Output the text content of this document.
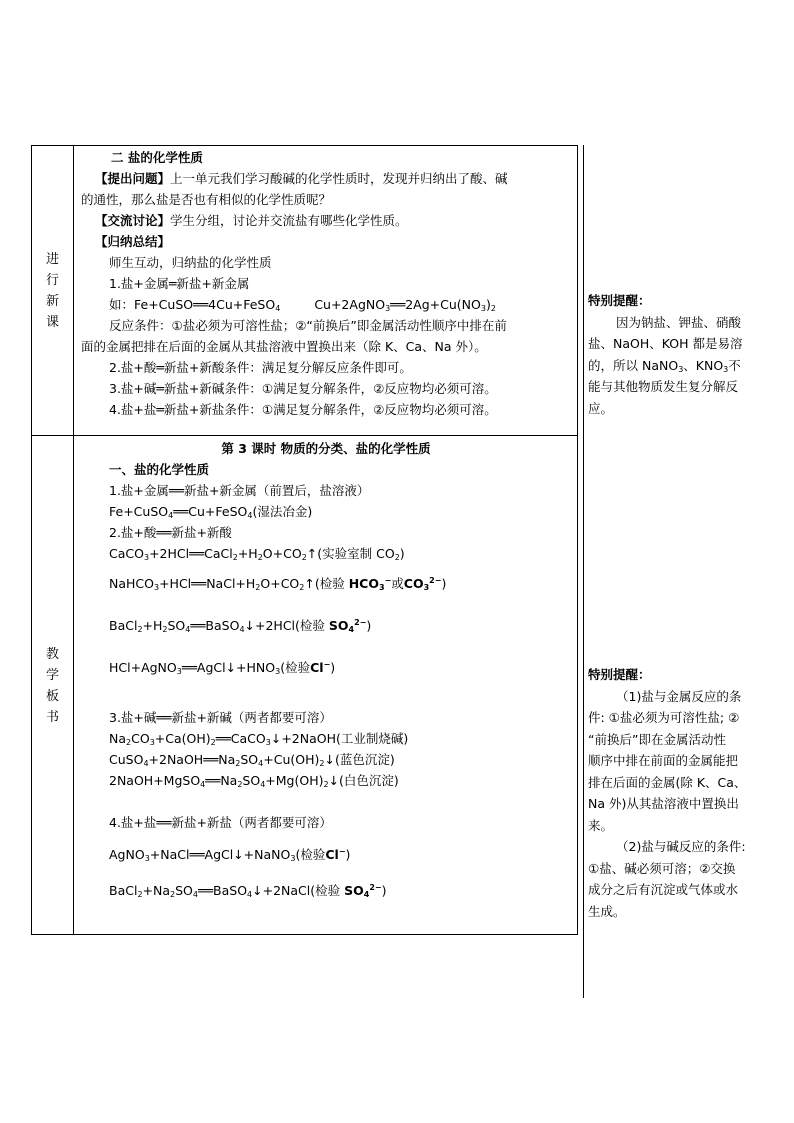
进行新课
二 盐的化学性质
【提出问题】上一单元我们学习酸碱的化学性质时，发现并归纳出了酸、碱
的通性，那么盐是否也有相似的化学性质呢？
【交流讨论】学生分组，讨论并交流盐有哪些化学性质。
【归纳总结】
师生互动，归纳盐的化学性质
1.盐+金属═新盐+新金属
如：Fe+CuSO══4Cu+FeSO$_4$	$Cu+2AgNO_3══2Ag+Cu(NO_3)_2$
反应条件：①盐必须为可溶性盐；②“前换后”即金属活动性顺序中排在前
面的金属把排在后面的金属从其盐溶液中置换出来（除 K、Ca、Na 外）。
2.盐+酸═新盐+新酸条件：满足复分解反应条件即可。
3.盐+碱═新盐+新碱条件：①满足复分解条件，②反应物均必须可溶。
4.盐+盐═新盐+新盐条件：①满足复分解条件，②反应物均必须可溶。
教学板书
第 3 课时 物质的分类、盐的化学性质
一、盐的化学性质
1.盐+金属══新盐+新金属（前置后，盐溶液）
Fe+CuSO$_4$══Cu+FeSO$_4$(湿法冶金)
2.盐+酸══新盐+新酸
$CaCO_3+2HCl══CaCl_2+H_2O+CO_2↑$(实验室制 $CO_2$)
$NaHCO_3+HCl══NaCl+H_2O+CO_2↑$(检验 $HCO_3^-$或$CO_3^{2-}$)
$BaCl_2+H_2SO_4══BaSO_4↓+2HCl$(检验 $SO_4^{2-}$)
$HCl+AgNO_3══AgCl↓+HNO_3$(检验Cl−)
3.盐+碱══新盐+新碱（两者都要可溶）
$Na_2CO_3+Ca(OH)_2══CaCO_3↓+2NaOH$(工业制烧碱)
$CuSO_4+2NaOH══Na_2SO_4+Cu(OH)_2↓$(蓝色沉淀)
$2NaOH+MgSO_4══Na_2SO_4+Mg(OH)_2↓$(白色沉淀)
4.盐+盐══新盐+新盐（两者都要可溶）
AgNO$_3$+NaCl══AgCl↓+NaNO$_3$(检验Cl−)
$BaCl_2+Na_2SO_4══BaSO_4↓+2NaCl$(检验 $SO_4^{2-}$)

特别提醒：

因为钠盐、钾盐、硝酸

盐、NaOH、KOH 都是易溶

的，所以 NaNO$_3$、$KNO_3$不

能与其他物质发生复分解反

应。

特别提醒：

（1)盐与金属反应的条

件: ①盐必须为可溶性盐; ②

“前换后”即在金属活动性

顺序中排在前面的金属能把

排在后面的金属(除 K、Ca、

Na 外)从其盐溶液中置换出

来。

（2)盐与碱反应的条件:

①盐、碱必须可溶；②交换

成分之后有沉淀或气体或水

生成。
